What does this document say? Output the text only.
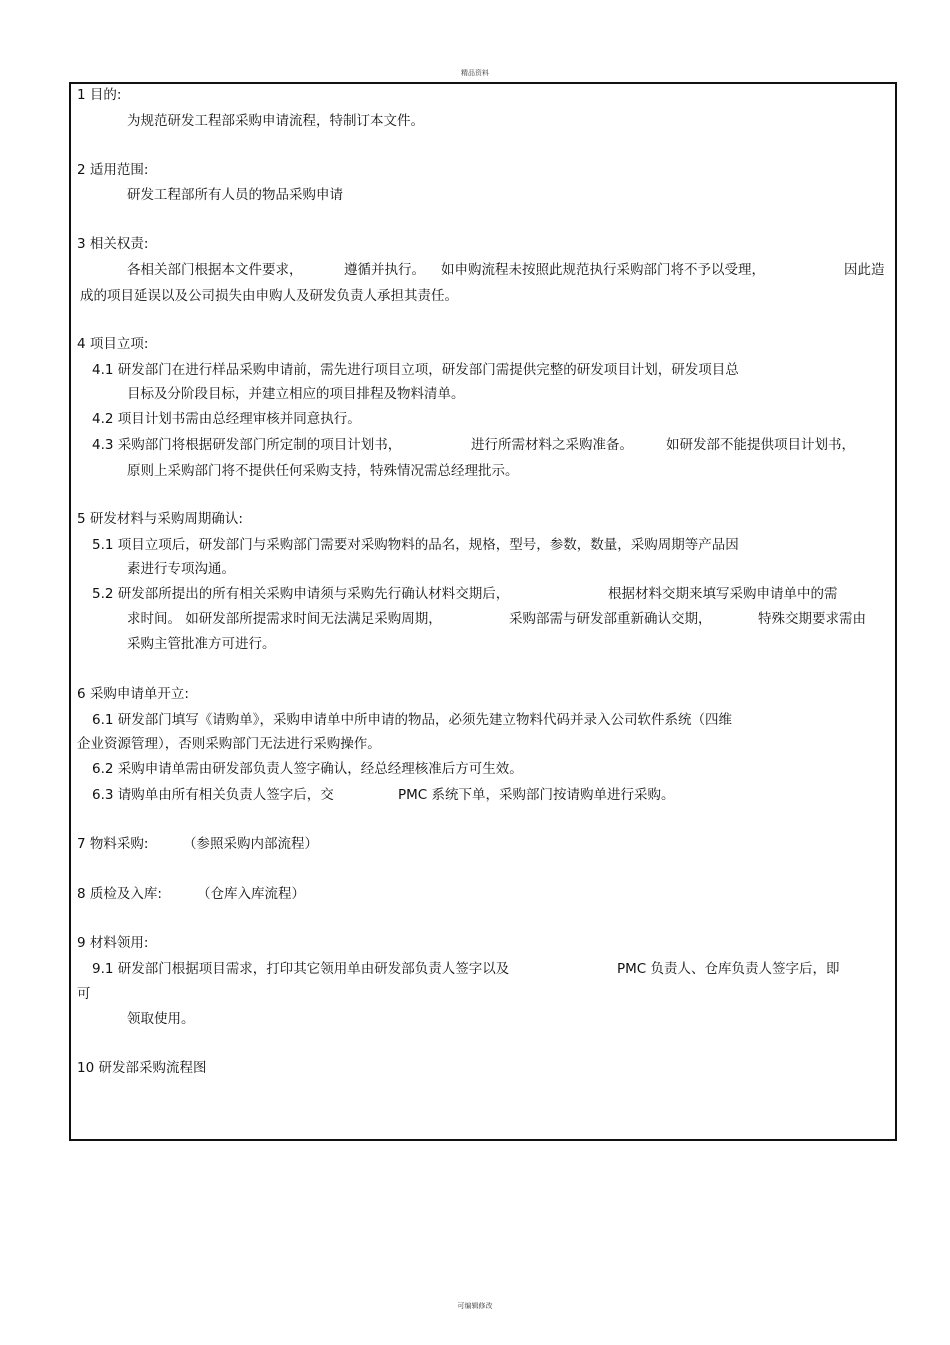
精品资料
1 目的:
为规范研发工程部采购申请流程，特制订本文件。
2 适用范围:
研发工程部所有人员的物品采购申请
3 相关权责:
各相关部门根据本文件要求，	遵循并执行。 如申购流程未按照此规范执行采购部门将不予以受理，	因此造
成的项目延误以及公司损失由申购人及研发负责人承担其责任。
4 项目立项:
4.1 研发部门在进行样品采购申请前，需先进行项目立项，研发部门需提供完整的研发项目计划，研发项目总
目标及分阶段目标，并建立相应的项目排程及物料清单。
4.2 项目计划书需由总经理审核并同意执行。
4.3 采购部门将根据研发部门所定制的项目计划书，	进行所需材料之采购准备。 如研发部不能提供项目计划书，
原则上采购部门将不提供任何采购支持，特殊情况需总经理批示。
5 研发材料与采购周期确认:
5.1 项目立项后，研发部门与采购部门需要对采购物料的品名，规格，型号，参数，数量，采购周期等产品因
素进行专项沟通。
5.2 研发部所提出的所有相关采购申请须与采购先行确认材料交期后，	根据材料交期来填写采购申请单中的需
求时间。 如研发部所提需求时间无法满足采购周期，	采购部需与研发部重新确认交期，	特殊交期要求需由
采购主管批准方可进行。
6 采购申请单开立:
6.1 研发部门填写《请购单》，采购申请单中所申请的物品，必须先建立物料代码并录入公司软件系统（四维
企业资源管理），否则采购部门无法进行采购操作。
6.2 采购申请单需由研发部负责人签字确认，经总经理核准后方可生效。
6.3 请购单由所有相关负责人签字后，交	PMC 系统下单，采购部门按请购单进行采购。
7 物料采购:	（参照采购内部流程）
8 质检及入库:	（仓库入库流程）
9 材料领用:
9.1 研发部门根据项目需求，打印其它领用单由研发部负责人签字以及	PMC 负责人、仓库负责人签字后，即
可
领取使用。
10 研发部采购流程图
可编辑修改
